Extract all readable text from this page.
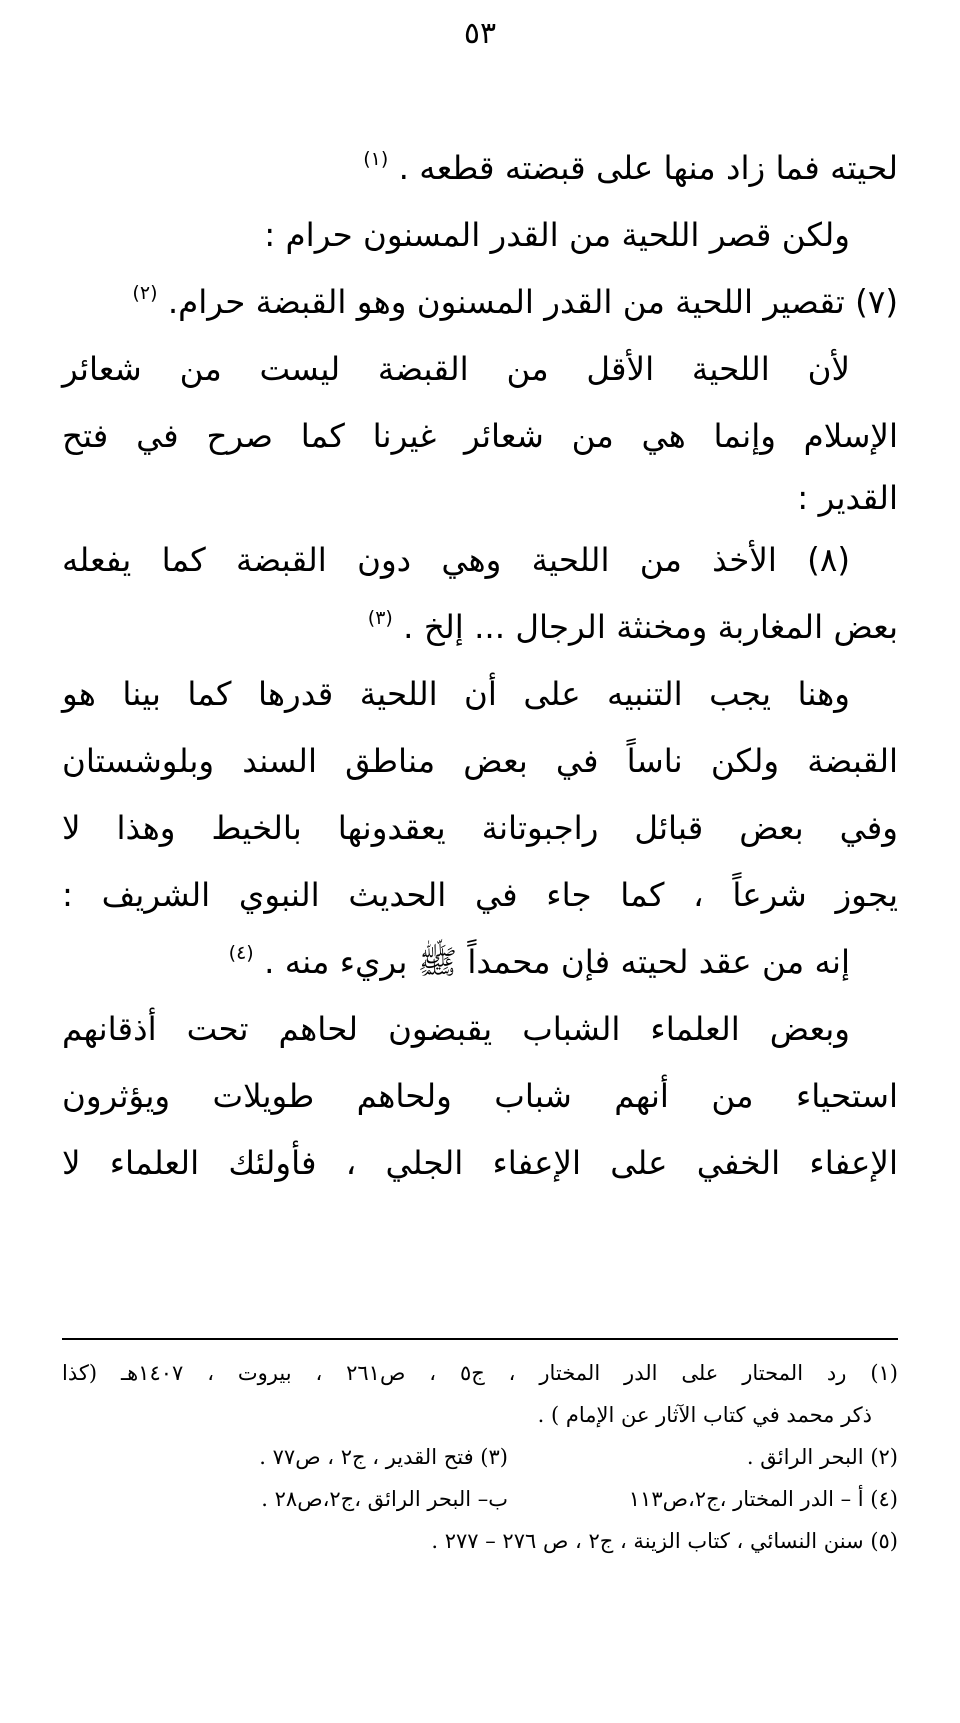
٥٣
لحيته فما زاد منها على قبضته قطعه . $^{(١)}$
ولكن قصر اللحية من القدر المسنون حرام :
(٧) تقصير اللحية من القدر المسنون وهو القبضة حرام. $^{(٢)}$
لأن اللحية الأقل من القبضة ليست من شعائر
الإسلام وإنما هي من شعائر غيرنا كما صرح في فتح
القدير :
(٨) الأخذ من اللحية وهي دون القبضة كما يفعله
بعض المغاربة ومخنثة الرجال ... إلخ . $^{(٣)}$
وهنا يجب التنبيه على أن اللحية قدرها كما بينا هو
القبضة ولكن ناساً في بعض مناطق السند وبلوشستان
وفي بعض قبائل راجبوتانة يعقدونها بالخيط وهذا لا
يجوز شرعاً ، كما جاء في الحديث النبوي الشريف :
إنه من عقد لحيته فإن محمداً ﷺ بريء منه . $^{(٤)}$
وبعض العلماء الشباب يقبضون لحاهم تحت أذقانهم
استحياء من أنهم شباب ولحاهم طويلات ويؤثرون
الإعفاء الخفي على الإعفاء الجلي ، فأولئك العلماء لا
(١) رد المحتار على الدر المختار ، ج٥ ، ص٢٦١ ، بيروت ، ١٤٠٧هـ (كذا
ذكر محمد في كتاب الآثار عن الإمام ) .
(٢) البحر الرائق .
(٣) فتح القدير ، ج٢ ، ص٧٧ .
(٤) أ – الدر المختار ،ج٢،ص١١٣
ب– البحر الرائق ،ج٢،ص٢٨ .
(٥) سنن النسائي ، كتاب الزينة ، ج٢ ، ص ٢٧٦ – ٢٧٧ .
